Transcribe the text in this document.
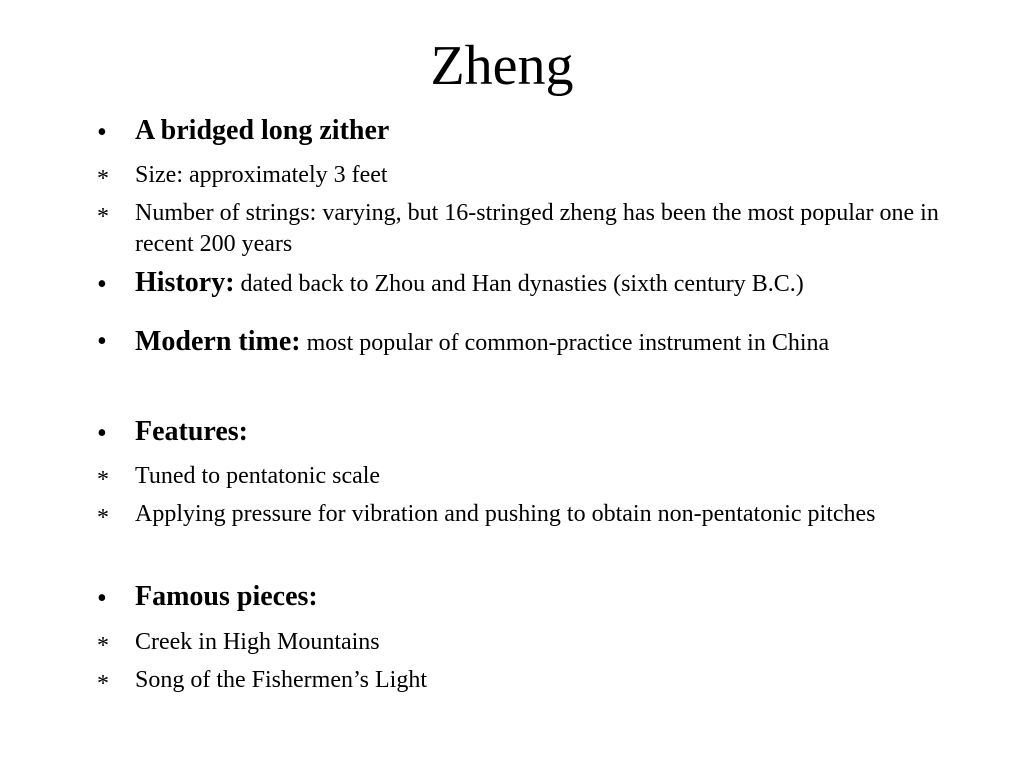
Zheng
• A bridged long zither
* Size: approximately 3 feet
* Number of strings: varying, but 16-stringed zheng has been the most popular one in recent 200 years
• History: dated back to Zhou and Han dynasties (sixth century B.C.)
• Modern time: most popular of common-practice instrument in China
• Features:
* Tuned to pentatonic scale
* Applying pressure for vibration and pushing to obtain non-pentatonic pitches
• Famous pieces:
* Creek in High Mountains
* Song of the Fishermen’s Light
